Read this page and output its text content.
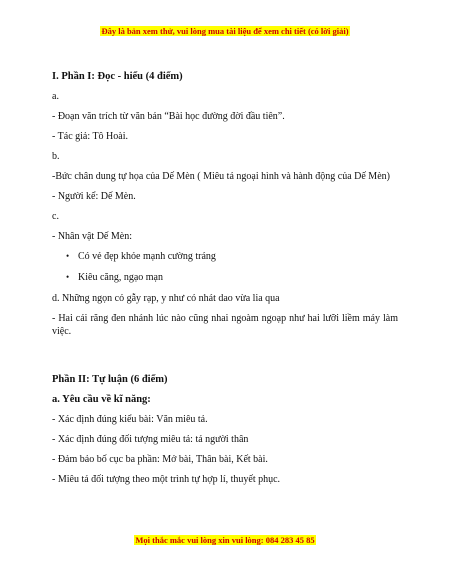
Đây là bản xem thử, vui lòng mua tài liệu để xem chi tiết (có lời giải)

I. Phần I: Đọc - hiểu (4 điểm)

a.

- Đoạn văn trích từ văn bản “Bài học đường đời đầu tiên”.

- Tác giả: Tô Hoài.

b.

-Bức chân dung tự họa của Dế Mèn ( Miêu tả ngoại hình và hành động của Dế Mèn)

- Người kể: Dế Mèn.

c.

- Nhân vật Dế Mèn:

• Có vẻ đẹp khỏe mạnh cường tráng
• Kiêu căng, ngạo mạn

d. Những ngọn cỏ gẫy rạp, y như có nhát dao vừa lia qua

- Hai cái răng đen nhánh lúc nào cũng nhai ngoàm ngoạp như hai lưỡi liềm máy làm việc.

Phần II: Tự luận (6 điểm)

a. Yêu cầu về kĩ năng:

- Xác định đúng kiểu bài: Văn miêu tả.

- Xác định đúng đối tượng miêu tả: tả người thân

- Đảm bảo bố cục ba phần: Mở bài, Thân bài, Kết bài.

- Miêu tả đối tượng theo một trình tự hợp lí, thuyết phục.

Mọi thắc mắc vui lòng xin vui lòng: 084 283 45 85
